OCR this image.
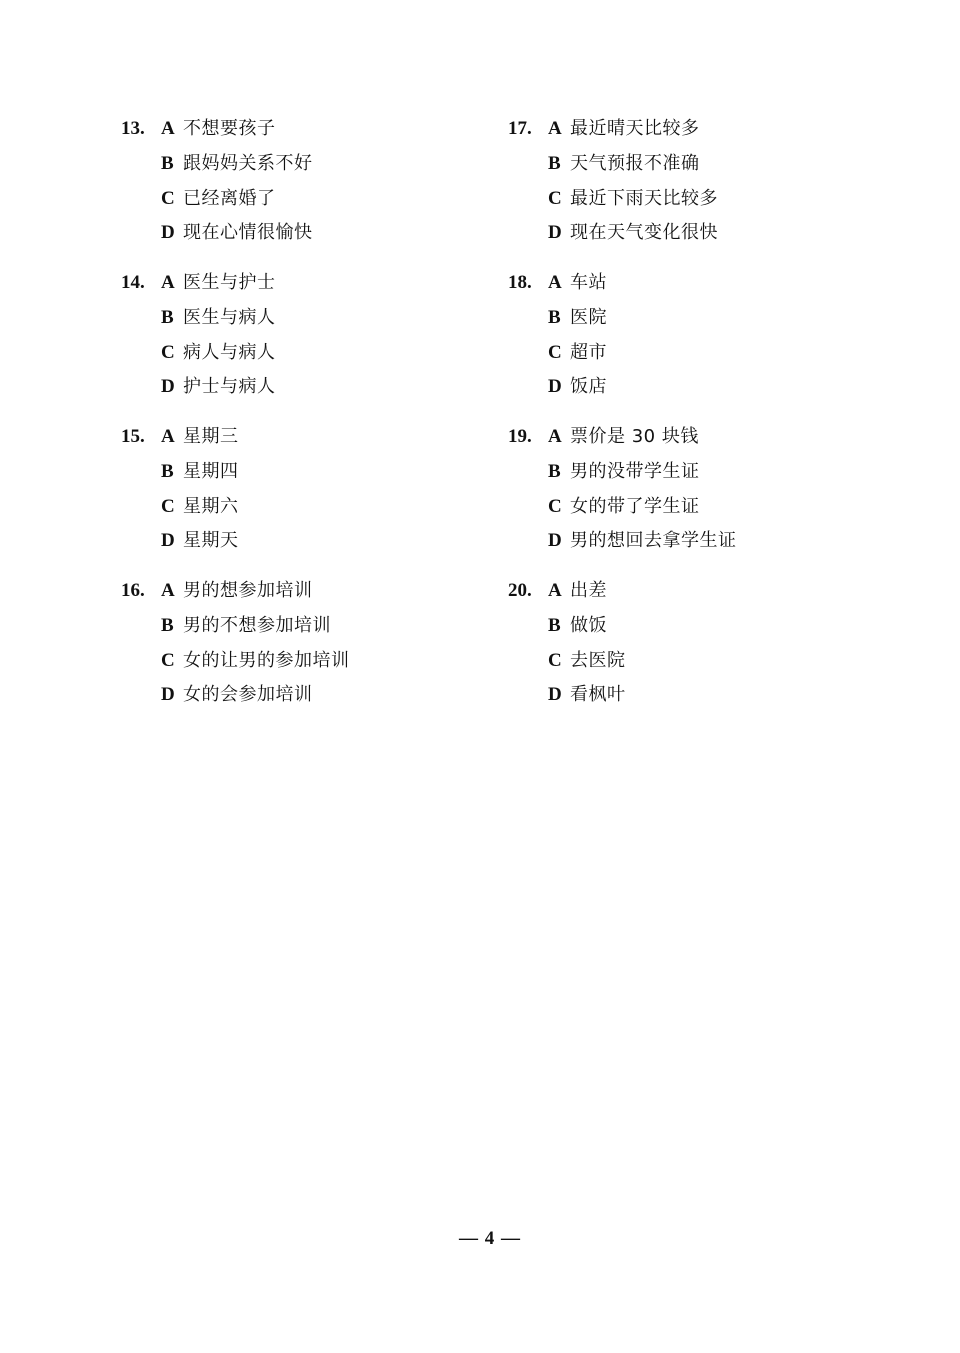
13. A 不想要孩子
B 跟妈妈关系不好
C 已经离婚了
D 现在心情很愉快
14. A 医生与护士
B 医生与病人
C 病人与病人
D 护士与病人
15. A 星期三
B 星期四
C 星期六
D 星期天
16. A 男的想参加培训
B 男的不想参加培训
C 女的让男的参加培训
D 女的会参加培训
17. A 最近晴天比较多
B 天气预报不准确
C 最近下雨天比较多
D 现在天气变化很快
18. A 车站
B 医院
C 超市
D 饭店
19. A 票价是 30 块钱
B 男的没带学生证
C 女的带了学生证
D 男的想回去拿学生证
20. A 出差
B 做饭
C 去医院
D 看枫叶
— 4 —
